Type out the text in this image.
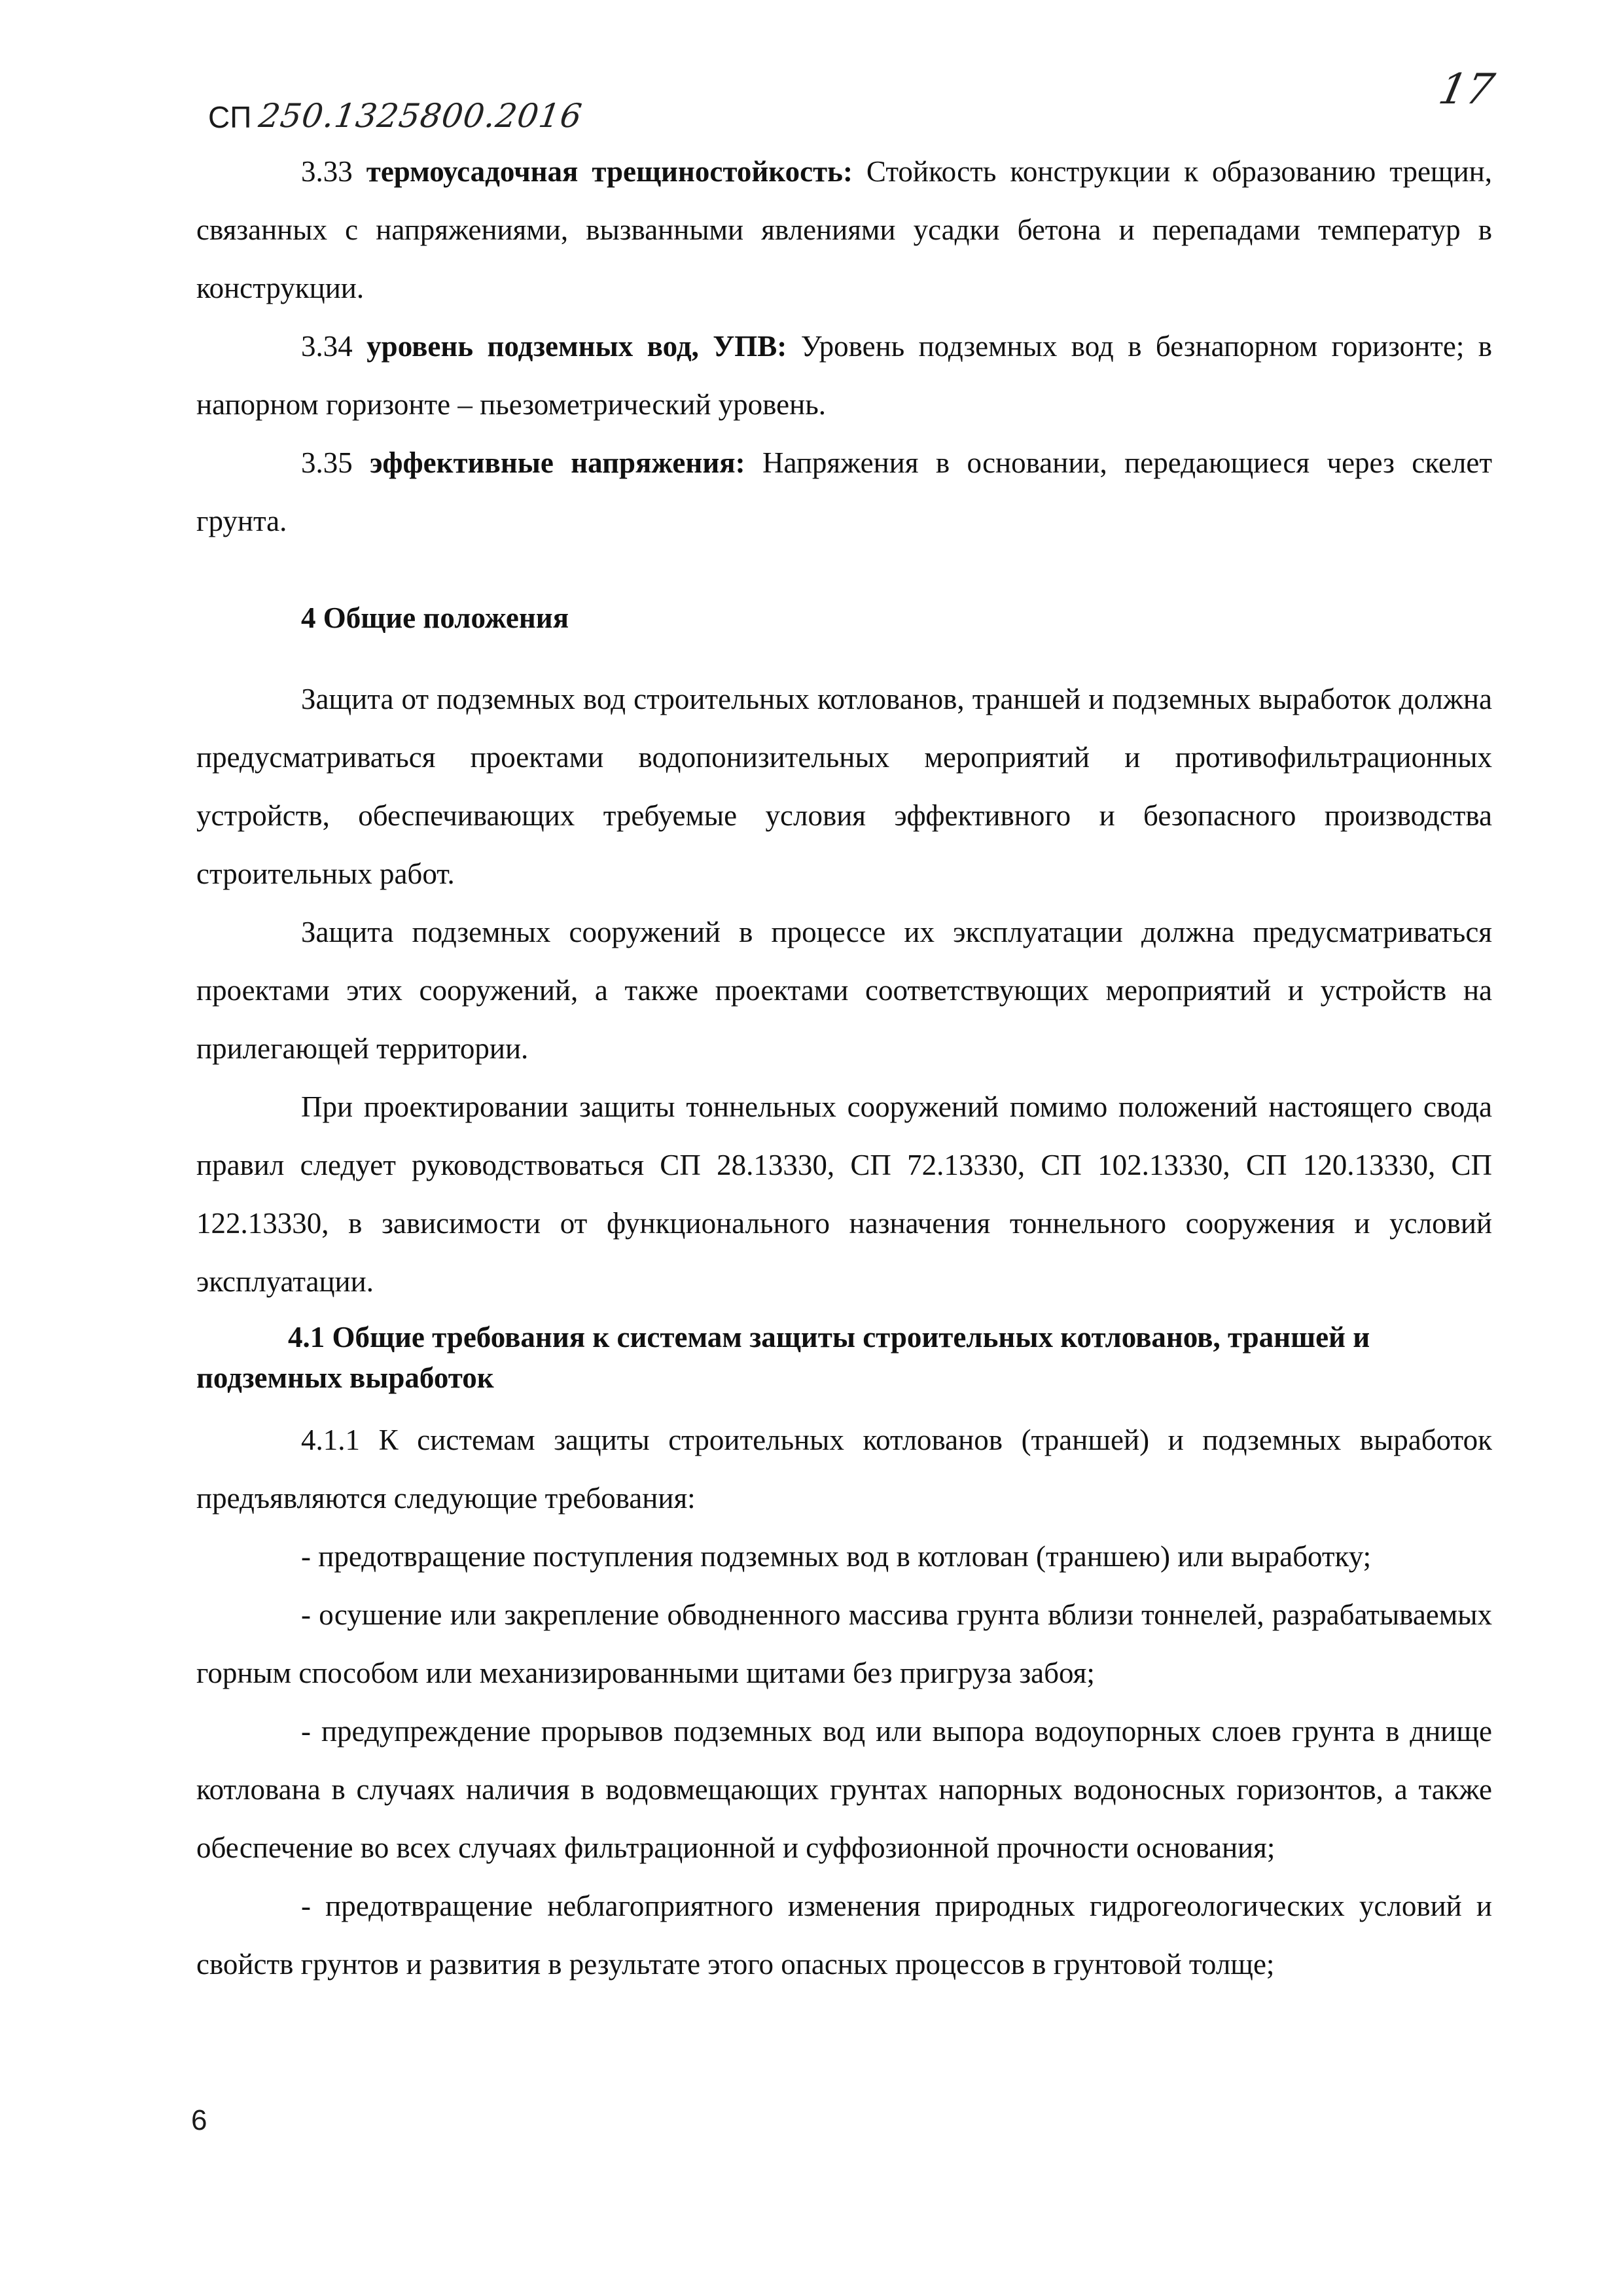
СП 250.1325800.2016
17

3.33 термоусадочная трещиностойкость: Стойкость конструкции к образованию трещин, связанных с напряжениями, вызванными явлениями усадки бетона и перепадами температур в конструкции.

3.34 уровень подземных вод, УПВ: Уровень подземных вод в безнапорном горизонте; в напорном горизонте – пьезометрический уровень.

3.35 эффективные напряжения: Напряжения в основании, передающиеся через скелет грунта.

4 Общие положения

Защита от подземных вод строительных котлованов, траншей и подземных выработок должна предусматриваться проектами водопонизительных мероприятий и противофильтрационных устройств, обеспечивающих требуемые условия эффективного и безопасного производства строительных работ.

Защита подземных сооружений в процессе их эксплуатации должна предусматриваться проектами этих сооружений, а также проектами соответствующих мероприятий и устройств на прилегающей территории.

При проектировании защиты тоннельных сооружений помимо положений настоящего свода правил следует руководствоваться СП 28.13330, СП 72.13330, СП 102.13330, СП 120.13330, СП 122.13330, в зависимости от функционального назначения тоннельного сооружения и условий эксплуатации.

4.1 Общие требования к системам защиты строительных котлованов, траншей и подземных выработок

4.1.1 К системам защиты строительных котлованов (траншей) и подземных выработок предъявляются следующие требования:

- предотвращение поступления подземных вод в котлован (траншею) или выработку;

- осушение или закрепление обводненного массива грунта вблизи тоннелей, разрабатываемых горным способом или механизированными щитами без пригруза забоя;

- предупреждение прорывов подземных вод или выпора водоупорных слоев грунта в днище котлована в случаях наличия в водовмещающих грунтах напорных водоносных горизонтов, а также обеспечение во всех случаях фильтрационной и суффозионной прочности основания;

- предотвращение неблагоприятного изменения природных гидрогеологических условий и свойств грунтов и развития в результате этого опасных процессов в грунтовой толще;

6
